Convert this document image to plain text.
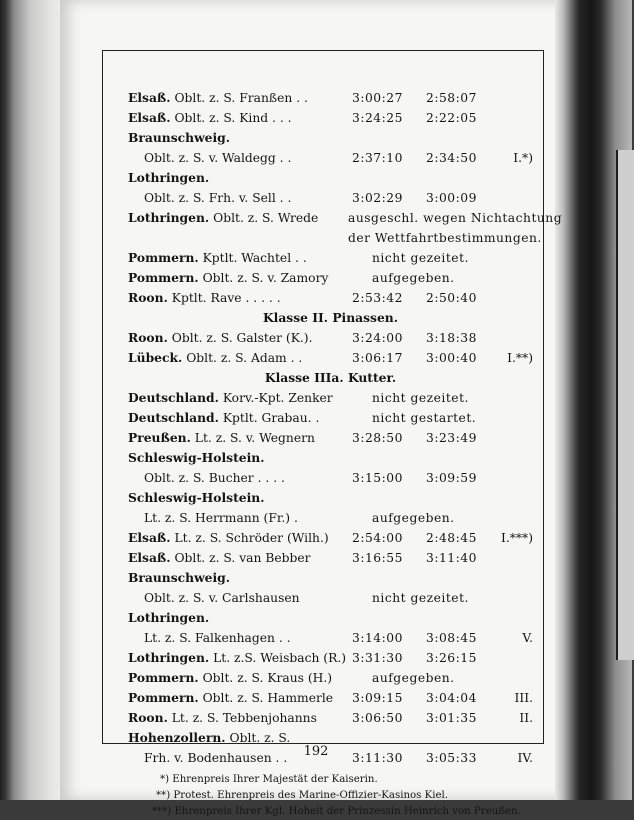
Elsaß. Oblt. z. S. Franßen . .	3:00:27 2:58:07
Elsaß. Oblt. z. S. Kind . . .	3:24:25 2:22:05
Braunschweig.
Oblt. z. S. v. Waldegg . .	2:37:10 2:34:50	I.*)
Lothringen.
Oblt. z. S. Frh. v. Sell . .	3:02:29 3:00:09
Lothringen. Oblt. z. S. Wrede ausgeschl. wegen Nichtachtung
der Wettfahrtbestimmungen.
Pommern. Kptlt. Wachtel . .	nicht gezeitet.
Pommern. Oblt. z. S. v. Zamory	aufgegeben.
Roon. Kptlt. Rave . . . . .	2:53:42 2:50:40
Klasse II. Pinassen.
Roon. Oblt. z. S. Galster (K.).	3:24:00 3:18:38
Lübeck. Oblt. z. S. Adam . .	3:06:17 3:00:40	I.**)
Klasse IIIa. Kutter.
Deutschland. Korv.-Kpt. Zenker	nicht gezeitet.
Deutschland. Kptlt. Grabau. .	nicht gestartet.
Preußen. Lt. z. S. v. Wegnern	3:28:50 3:23:49
Schleswig-Holstein.
Oblt. z. S. Bucher . . . .	3:15:00 3:09:59
Schleswig-Holstein.
Lt. z. S. Herrmann (Fr.) .	aufgegeben.
Elsaß. Lt. z. S. Schröder (Wilh.) 2:54:00 2:48:45 I.***)
Elsaß. Oblt. z. S. van Bebber	3:16:55 3:11:40
Braunschweig.
Oblt. z. S. v. Carlshausen	nicht gezeitet.
Lothringen.
Lt. z. S. Falkenhagen . .	3:14:00 3:08:45	V.
Lothringen. Lt. z.S. Weisbach (R.) 3:31:30 3:26:15
Pommern. Oblt. z. S. Kraus (H.)	aufgegeben.
Pommern. Oblt. z. S. Hammerle 3:09:15 3:04:04	III.
Roon. Lt. z. S. Tebbenjohanns	3:06:50 3:01:35	II.
Hohenzollern. Oblt. z. S.
Frh. v. Bodenhausen . .	3:11:30 3:05:33	IV.
*) Ehrenpreis Ihrer Majestät der Kaiserin.
**) Protest. Ehrenpreis des Marine-Offizier-Kasinos Kiel.
***) Ehrenpreis Ihrer Kgl. Hoheit der Prinzessin Heinrich von Preußen.
192
